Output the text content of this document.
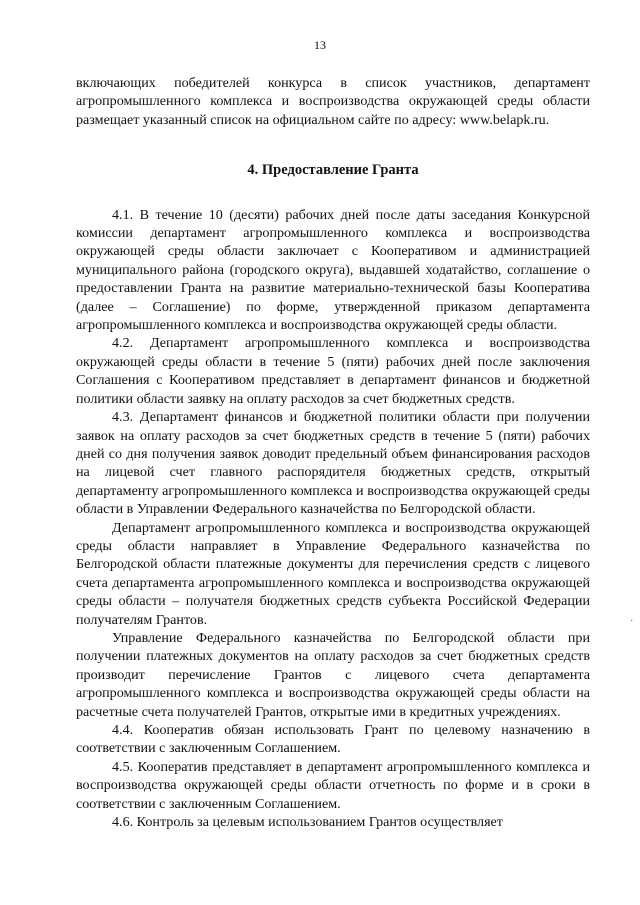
13

включающих победителей конкурса в список участников, департамент агропромышленного комплекса и воспроизводства окружающей среды области размещает указанный список на официальном сайте по адресу: www.belapk.ru.

4. Предоставление Гранта

4.1. В течение 10 (десяти) рабочих дней после даты заседания Конкурсной комиссии департамент агропромышленного комплекса и воспроизводства окружающей среды области заключает с Кооперативом и администрацией муниципального района (городского округа), выдавшей ходатайство, соглашение о предоставлении Гранта на развитие материально-технической базы Кооператива (далее – Соглашение) по форме, утвержденной приказом департамента агропромышленного комплекса и воспроизводства окружающей среды области.

4.2. Департамент агропромышленного комплекса и воспроизводства окружающей среды области в течение 5 (пяти) рабочих дней после заключения Соглашения с Кооперативом представляет в департамент финансов и бюджетной политики области заявку на оплату расходов за счет бюджетных средств.

4.3. Департамент финансов и бюджетной политики области при получении заявок на оплату расходов за счет бюджетных средств в течение 5 (пяти) рабочих дней со дня получения заявок доводит предельный объем финансирования расходов на лицевой счет главного распорядителя бюджетных средств, открытый департаменту агропромышленного комплекса и воспроизводства окружающей среды области в Управлении Федерального казначейства по Белгородской области.

Департамент агропромышленного комплекса и воспроизводства окружающей среды области направляет в Управление Федерального казначейства по Белгородской области платежные документы для перечисления средств с лицевого счета департамента агропромышленного комплекса и воспроизводства окружающей среды области – получателя бюджетных средств субъекта Российской Федерации получателям Грантов.

Управление Федерального казначейства по Белгородской области при получении платежных документов на оплату расходов за счет бюджетных средств производит перечисление Грантов с лицевого счета департамента агропромышленного комплекса и воспроизводства окружающей среды области на расчетные счета получателей Грантов, открытые ими в кредитных учреждениях.

4.4. Кооператив обязан использовать Грант по целевому назначению в соответствии с заключенным Соглашением.

4.5. Кооператив представляет в департамент агропромышленного комплекса и воспроизводства окружающей среды области отчетность по форме и в сроки в соответствии с заключенным Соглашением.

4.6. Контроль за целевым использованием Грантов осуществляет

·
